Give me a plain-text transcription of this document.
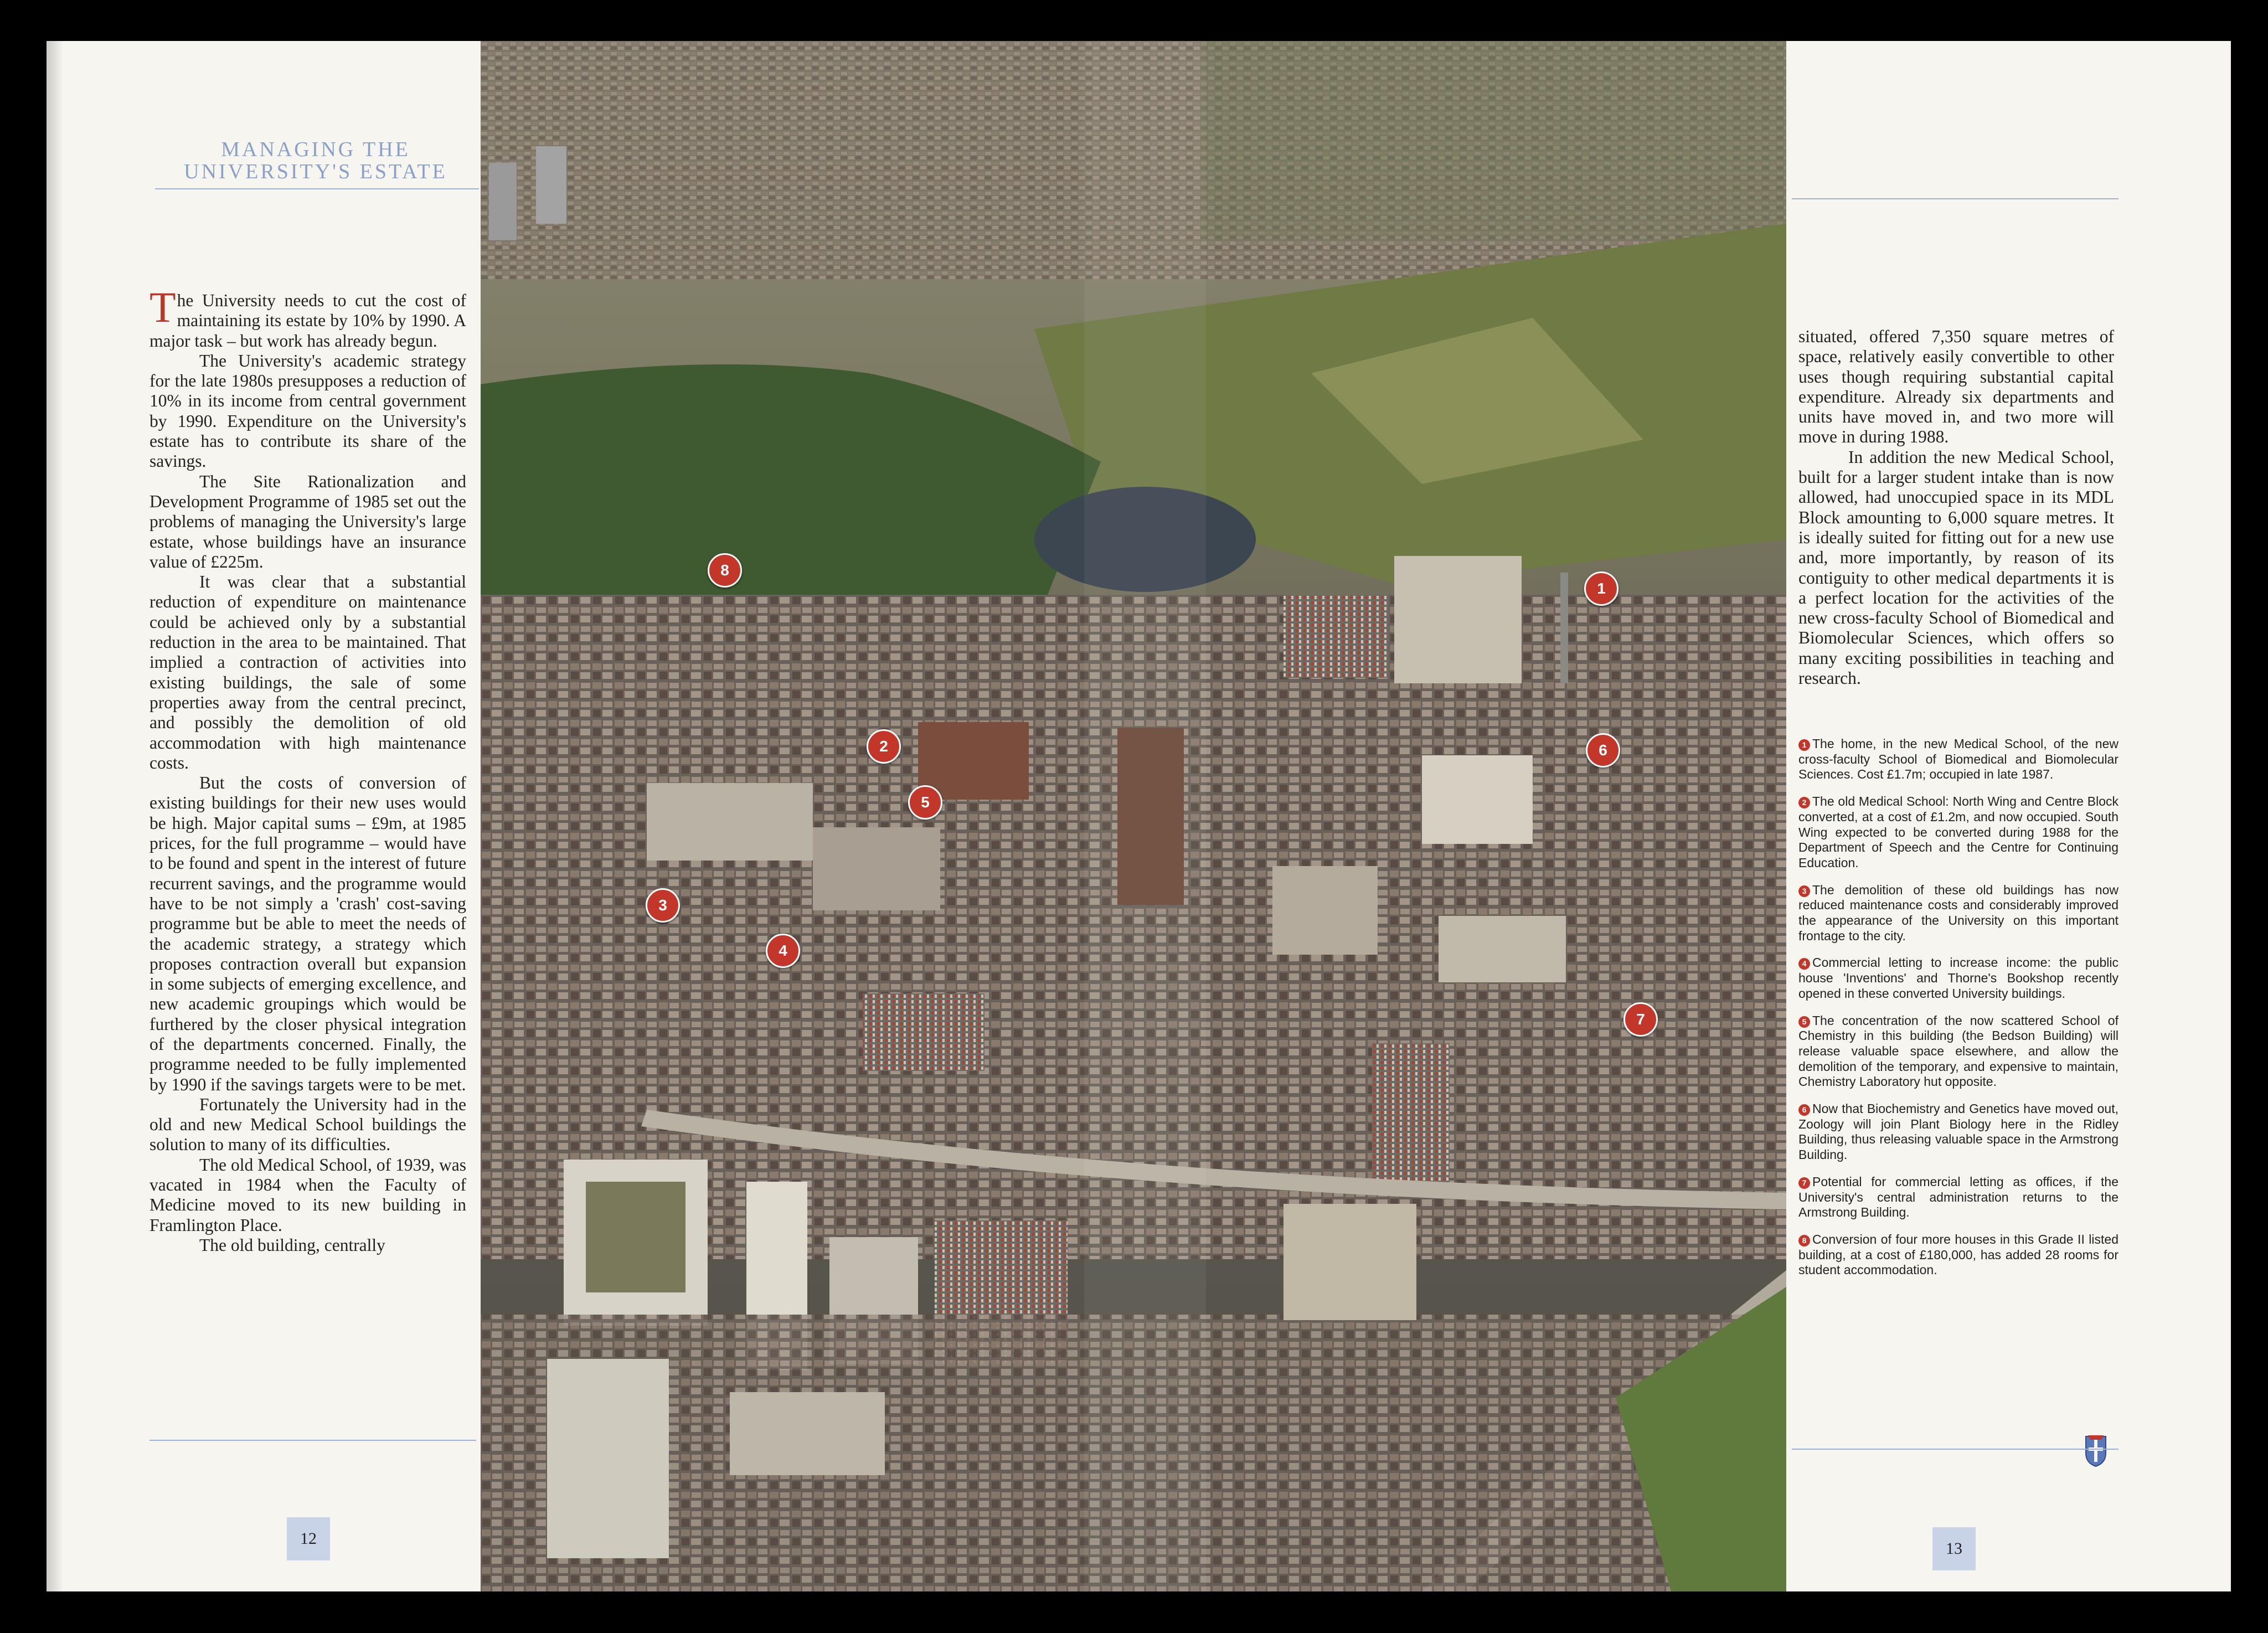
MANAGING THE
UNIVERSITY'S ESTATE

The University needs to cut the cost of maintaining its estate by 10% by 1990. A major task – but work has already begun.

The University's academic strategy for the late 1980s presupposes a reduction of 10% in its income from central government by 1990. Expenditure on the University's estate has to contribute its share of the savings.

The Site Rationalization and Development Programme of 1985 set out the problems of managing the University's large estate, whose buildings have an insurance value of £225m.

It was clear that a substantial reduction of expenditure on maintenance could be achieved only by a substantial reduction in the area to be maintained. That implied a contraction of activities into existing buildings, the sale of some properties away from the central precinct, and possibly the demolition of old accommodation with high maintenance costs.

But the costs of conversion of existing buildings for their new uses would be high. Major capital sums – £9m, at 1985 prices, for the full programme – would have to be found and spent in the interest of future recurrent savings, and the programme would have to be not simply a 'crash' cost-saving programme but be able to meet the needs of the academic strategy, a strategy which proposes contraction overall but expansion in some subjects of emerging excellence, and new academic groupings which would be furthered by the closer physical integration of the departments concerned. Finally, the programme needed to be fully implemented by 1990 if the savings targets were to be met.

Fortunately the University had in the old and new Medical School buildings the solution to many of its difficulties.

The old Medical School, of 1939, was vacated in 1984 when the Faculty of Medicine moved to its new building in Framlington Place.

The old building, centrally

12
1
2
3
4
5
6
7
8

situated, offered 7,350 square metres of space, relatively easily convertible to other uses though requiring substantial capital expenditure. Already six departments and units have moved in, and two more will move in during 1988.

In addition the new Medical School, built for a larger student intake than is now allowed, had unoccupied space in its MDL Block amounting to 6,000 square metres. It is ideally suited for fitting out for a new use and, more importantly, by reason of its contiguity to other medical departments it is a perfect location for the activities of the new cross-faculty School of Biomedical and Biomolecular Sciences, which offers so many exciting possibilities in teaching and research.

1 The home, in the new Medical School, of the new cross-faculty School of Biomedical and Biomolecular Sciences. Cost £1.7m; occupied in late 1987.
2 The old Medical School: North Wing and Centre Block converted, at a cost of £1.2m, and now occupied. South Wing expected to be converted during 1988 for the Department of Speech and the Centre for Continuing Education.
3 The demolition of these old buildings has now reduced maintenance costs and considerably improved the appearance of the University on this important frontage to the city.
4 Commercial letting to increase income: the public house 'Inventions' and Thorne's Bookshop recently opened in these converted University buildings.
5 The concentration of the now scattered School of Chemistry in this building (the Bedson Building) will release valuable space elsewhere, and allow the demolition of the temporary, and expensive to maintain, Chemistry Laboratory hut opposite.
6 Now that Biochemistry and Genetics have moved out, Zoology will join Plant Biology here in the Ridley Building, thus releasing valuable space in the Armstrong Building.
7 Potential for commercial letting as offices, if the University's central administration returns to the Armstrong Building.
8 Conversion of four more houses in this Grade II listed building, at a cost of £180,000, has added 28 rooms for student accommodation.
13
